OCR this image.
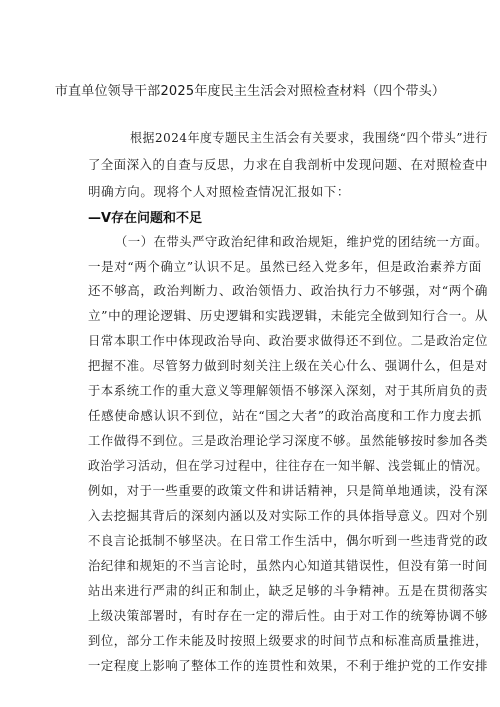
市直单位领导干部2025年度民主生活会对照检查材料（四个带头）
根据2024年度专题民主生活会有关要求，我围绕“四个带头”进行
了全面深入的自查与反思，力求在自我剖析中发现问题、在对照检查中
明确方向。现将个人对照检查情况汇报如下：
—V存在问题和不足
（一）在带头严守政治纪律和政治规矩，维护党的团结统一方面。
一是对“两个确立”认识不足。虽然已经入党多年，但是政治素养方面
还不够高，政治判断力、政治领悟力、政治执行力不够强，对“两个确
立”中的理论逻辑、历史逻辑和实践逻辑，未能完全做到知行合一。从
日常本职工作中体现政治导向、政治要求做得还不到位。二是政治定位
把握不准。尽管努力做到时刻关注上级在关心什么、强调什么，但是对
于本系统工作的重大意义等理解领悟不够深入深刻，对于其所肩负的责
任感使命感认识不到位，站在“国之大者”的政治高度和工作力度去抓
工作做得不到位。三是政治理论学习深度不够。虽然能够按时参加各类
政治学习活动，但在学习过程中，往往存在一知半解、浅尝辄止的情况。
例如，对于一些重要的政策文件和讲话精神，只是简单地通读，没有深
入去挖掘其背后的深刻内涵以及对实际工作的具体指导意义。四对个别
不良言论抵制不够坚决。在日常工作生活中，偶尔听到一些违背党的政
治纪律和规矩的不当言论时，虽然内心知道其错误性，但没有第一时间
站出来进行严肃的纠正和制止，缺乏足够的斗争精神。五是在贯彻落实
上级决策部署时，有时存在一定的滞后性。由于对工作的统筹协调不够
到位，部分工作未能及时按照上级要求的时间节点和标准高质量推进，
一定程度上影响了整体工作的连贯性和效果，不利于维护党的工作安排
